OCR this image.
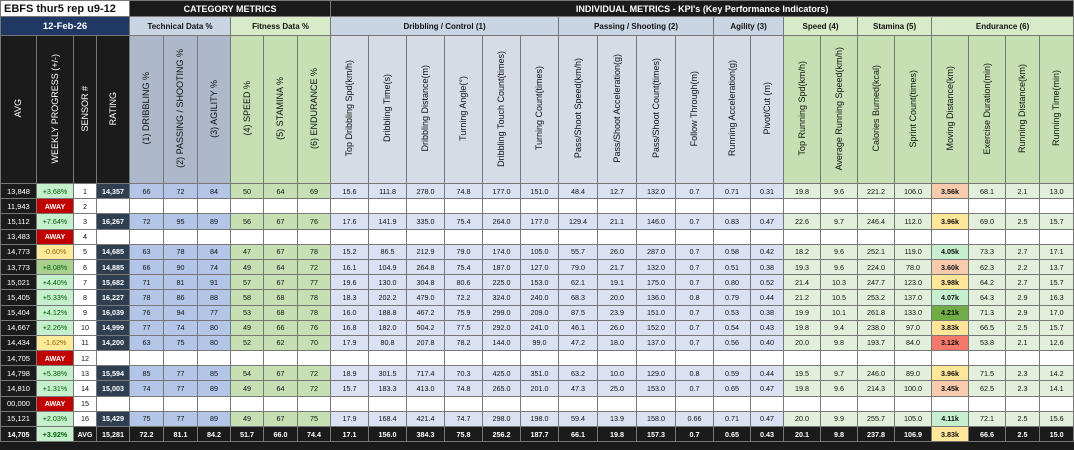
EBFS thur5 rep u9-12				CATEGORY METRICS						INDIVIDUAL METRICS - KPI's (Key Performance Indicators)																			
12-Feb-26				Technical Data %			Fitness Data %			Dribbling / Control (1)						Passing / Shooting (2)				Agility (3)		Speed (4)		Stamina (5)		Endurance (6)			
AVG	WEEKLY PROGRESS (+/-)	SENSOR #	RATING	(1) DRIBBLING %	(2) PASSING / SHOOTING %	(3) AGILITY %	(4) SPEED %	(5) STAMINA %	(6) ENDURANCE %	Top Dribbling Spd(km/h)	Dribbling Time(s)	Dribbling Distance(m)	Turning Angle(°)	Dribbling Touch Count(times)	Turning Count(times)	Pass/Shoot Speed(km/h)	Pass/Shoot Acceleration(g)	Pass/Shoot Count(times)	Follow Through(m)	Running Acceleration(g)	Pivot/Cut (m)	Top Running Spd(km/h)	Average Running Speed(km/h)	Calories Burned(kcal)	Sprint Count(times)	Moving Distance(km)	Exercise Duration(min)	Running Distance(km)	Running Time(min)
13,848	+3.68%	1	14,357	66	72	84	50	64	69	15.6	111.8	278.0	74.8	177.0	151.0	48.4	12.7	132.0	0.7	0.71	0.31	19.8	9.6	221.2	106.0	3.56k	68.1	2.1	13.0
11,943	AWAY	2																											
15,112	+7.64%	3	16,267	72	95	89	56	67	76	17.6	141.9	335.0	75.4	264.0	177.0	129.4	21.1	146.0	0.7	0.83	0.47	22.6	9.7	246.4	112.0	3.96k	69.0	2.5	15.7
13,483	AWAY	4																											
14,773	-0.60%	5	14,685	63	78	84	47	67	78	15.2	86.5	212.9	79.0	174.0	105.0	55.7	26.0	287.0	0.7	0.58	0.42	18.2	9.6	252.1	119.0	4.05k	73.3	2.7	17.1
13,773	+8.08%	6	14,885	66	90	74	49	64	72	16.1	104.9	264.8	75.4	187.0	127.0	79.0	21.7	132.0	0.7	0.51	0.38	19.3	9.6	224.0	78.0	3.60k	62.3	2.2	13.7
15,021	+4.40%	7	15,682	71	81	91	57	67	77	19.6	130.0	304.8	80.6	225.0	153.0	62.1	19.1	175.0	0.7	0.80	0.52	21.4	10.3	247.7	123.0	3.98k	64.2	2.7	15.7
15,405	+5.33%	8	16,227	78	86	88	58	68	78	18.3	202.2	479.0	72.2	324.0	240.0	68.3	20.0	136.0	0.8	0.79	0.44	21.2	10.5	253.2	137.0	4.07k	64.3	2.9	16.3
15,404	+4.12%	9	16,039	76	94	77	53	68	78	16.0	188.8	467.2	75.9	299.0	209.0	87.5	23.9	151.0	0.7	0.53	0.38	19.9	10.1	261.8	133.0	4.21k	71.3	2.9	17.0
14,667	+2.26%	10	14,999	77	74	80	49	66	76	16.8	182.0	504.2	77.5	292.0	241.0	46.1	26.0	152.0	0.7	0.54	0.43	19.8	9.4	238.0	97.0	3.83k	66.5	2.5	15.7
14,434	-1.62%	11	14,200	63	75	80	52	62	70	17.9	80.8	207.8	78.2	144.0	99.0	47.2	18.0	137.0	0.7	0.56	0.40	20.0	9.8	193.7	84.0	3.12k	53.8	2.1	12.6
14,705	AWAY	12																											
14,798	+5.38%	13	15,594	85	77	85	54	67	72	18.9	301.5	717.4	70.3	425.0	351.0	63.2	10.0	129.0	0.8	0.59	0.44	19.5	9.7	246.0	89.0	3.96k	71.5	2.3	14.2
14,810	+1.31%	14	15,003	74	77	89	49	64	72	15.7	183.3	413.0	74.8	265.0	201.0	47.3	25.0	153.0	0.7	0.65	0.47	19.8	9.6	214.3	100.0	3.45k	62.5	2.3	14.1
00,000	AWAY	15																											
15,121	+2.03%	16	15,429	75	77	89	49	67	75	17.9	168.4	421.4	74.7	298.0	198.0	59.4	13.9	158.0	0.66	0.71	0.47	20.0	9.9	255.7	105.0	4.11k	72.1	2.5	15.6
14,705	+3.92%	AVG	15,281	72.2	81.1	84.2	51.7	66.0	74.4	17.1	156.0	384.3	75.8	256.2	187.7	66.1	19.8	157.3	0.7	0.65	0.43	20.1	9.8	237.8	106.9	3.83k	66.6	2.5	15.0
